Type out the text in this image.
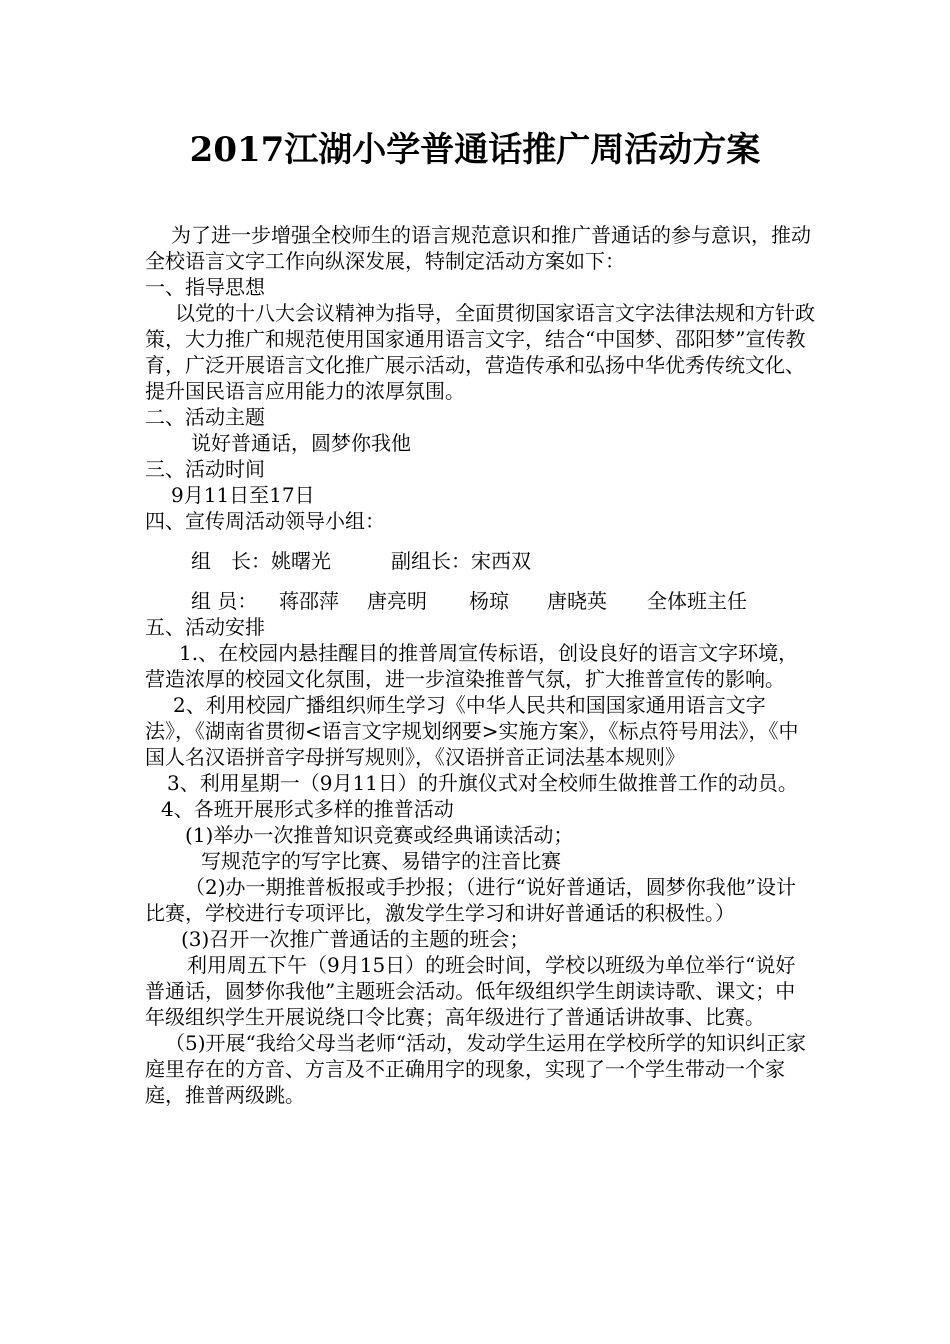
2017江湖小学普通话推广周活动方案

为了进一步增强全校师生的语言规范意识和推广普通话的参与意识，推动全校语言文字工作向纵深发展，特制定活动方案如下：

一、指导思想

以党的十八大会议精神为指导，全面贯彻国家语言文字法律法规和方针政策，大力推广和规范使用国家通用语言文字，结合“中国梦、邵阳梦”宣传教育，广泛开展语言文化推广展示活动，营造传承和弘扬中华优秀传统文化、提升国民语言应用能力的浓厚氛围。

二、活动主题

说好普通话，圆梦你我他

三、活动时间

9月11日至17日

四、宣传周活动领导小组：

组　长：姚曙光	副组长：宋西双

组 员： 蒋邵萍 唐亮明 杨琼 唐晓英 全体班主任

五、活动安排

1.、在校园内悬挂醒目的推普周宣传标语，创设良好的语言文字环境，营造浓厚的校园文化氛围，进一步渲染推普气氛，扩大推普宣传的影响。

2、利用校园广播组织师生学习《中华人民共和国国家通用语言文字法》，《湖南省贯彻<语言文字规划纲要>实施方案》，《标点符号用法》，《中国人名汉语拼音字母拼写规则》，《汉语拼音正词法基本规则》

3、利用星期一（9月11日）的升旗仪式对全校师生做推普工作的动员。

4、各班开展形式多样的推普活动

(1)举办一次推普知识竞赛或经典诵读活动；

写规范字的写字比赛、易错字的注音比赛

（2)办一期推普板报或手抄报；（进行“说好普通话，圆梦你我他”设计比赛，学校进行专项评比，激发学生学习和讲好普通话的积极性。）

(3)召开一次推广普通话的主题的班会；

利用周五下午（9月15日）的班会时间，学校以班级为单位举行“说好普通话，圆梦你我他”主题班会活动。低年级组织学生朗读诗歌、课文；中年级组织学生开展说绕口令比赛；高年级进行了普通话讲故事、比赛。

（5)开展“我给父母当老师“活动，发动学生运用在学校所学的知识纠正家庭里存在的方音、方言及不正确用字的现象，实现了一个学生带动一个家庭，推普两级跳。
